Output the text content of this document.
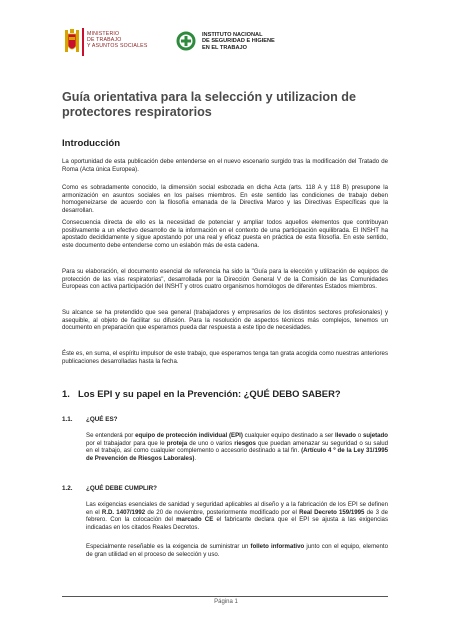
MINISTERIO
DE TRABAJO
Y ASUNTOS SOCIALES
INSTITUTO NACIONAL
DE SEGURIDAD E HIGIENE
EN EL TRABAJO
Guía orientativa para la selección y utilizacion de protectores respiratorios
Introducción

La oportunidad de esta publicación debe entenderse en el nuevo escenario surgido tras la modificación del Tratado de Roma (Acta única Europea).

Como es sobradamente conocido, la dimensión social esbozada en dicha Acta (arts. 118 A y 118 B) presupone la armonización en asuntos sociales en los países miembros. En este sentido las condiciones de trabajo deben homogeneizarse de acuerdo con la filosofía emanada de la Directiva Marco y las Directivas Específicas que la desarrollan.

Consecuencia directa de ello es la necesidad de potenciar y ampliar todos aquellos elementos que contribuyan positivamente a un efectivo desarrollo de la información en el contexto de una participación equilibrada. El INSHT ha apostado decididamente y sigue apostando por una real y eficaz puesta en práctica de esta filosofía. En este sentido, este documento debe entenderse como un eslabón más de esta cadena.

Para su elaboración, el documento esencial de referencia ha sido la "Guía para la elección y utilización de equipos de protección de las vías respiratorias", desarrollada por la Dirección General V de la Comisión de las Comunidades Europeas con activa participación del INSHT y otros cuatro organismos homólogos de diferentes Estados miembros.

Su alcance se ha pretendido que sea general (trabajadores y empresarios de los distintos sectores profesionales) y asequible, al objeto de facilitar su difusión. Para la resolución de aspectos técnicos más complejos, tenemos un documento en preparación que esperamos pueda dar respuesta a este tipo de necesidades.

Éste es, en suma, el espíritu impulsor de este trabajo, que esperamos tenga tan grata acogida como nuestras anteriores publicaciones desarrolladas hasta la fecha.

1. Los EPI y su papel en la Prevención: ¿QUÉ DEBO SABER?
1.1. ¿QUÉ ES?

Se entenderá por equipo de protección individual (EPI) cualquier equipo destinado a ser llevado o sujetado por el trabajador para que le proteja de uno o varios riesgos que puedan amenazar su seguridad o su salud en el trabajo, así como cualquier complemento o accesorio destinado a tal fin. (Artículo 4 º de la Ley 31/1995 de Prevención de Riesgos Laborales).

1.2. ¿QUÉ DEBE CUMPLIR?

Las exigencias esenciales de sanidad y seguridad aplicables al diseño y a la fabricación de los EPI se definen en el R.D. 1407/1992 de 20 de noviembre, posteriormente modificado por el Real Decreto 159/1995 de 3 de febrero. Con la colocación del marcado CE el fabricante declara que el EPI se ajusta a las exigencias indicadas en los citados Reales Decretos.

Especialmente reseñable es la exigencia de suministrar un folleto informativo junto con el equipo, elemento de gran utilidad en el proceso de selección y uso.

Página 1
